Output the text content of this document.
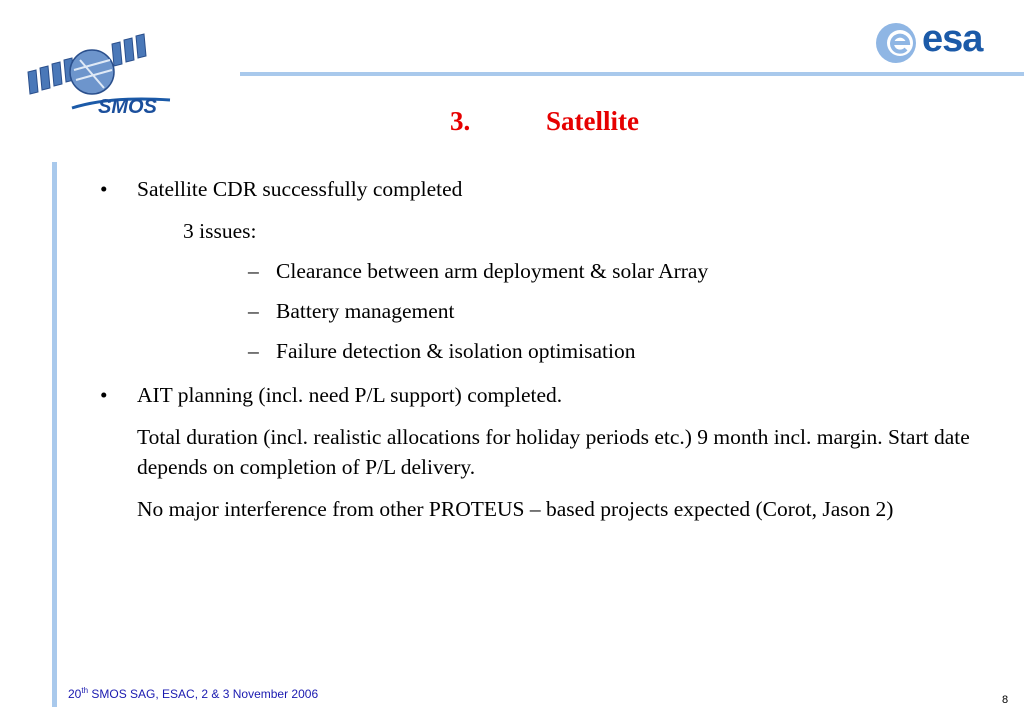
SMOS
esa
3.	Satellite
• Satellite CDR successfully completed
3 issues:
– Clearance between arm deployment & solar Array
– Battery management
– Failure detection & isolation optimisation
• AIT planning (incl. need P/L support) completed.
Total duration (incl. realistic allocations for holiday periods etc.) 9 month incl. margin. Start date depends on completion of P/L delivery.
No major interference from other PROTEUS – based projects expected (Corot, Jason 2)
20th SMOS SAG, ESAC, 2 & 3 November 2006	8
